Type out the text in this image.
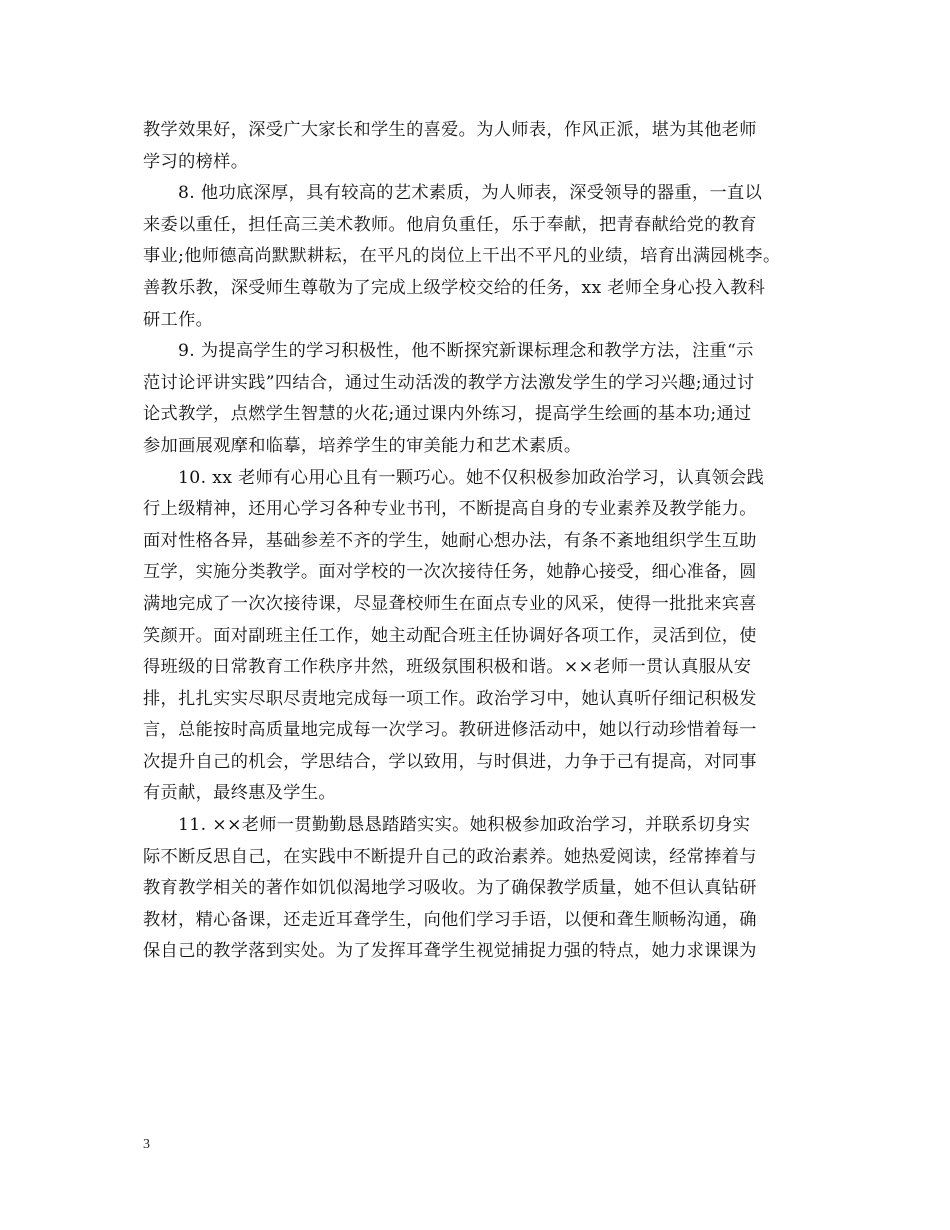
教学效果好，深受广大家长和学生的喜爱。为人师表，作风正派，堪为其他老师
学习的榜样。
8. 他功底深厚，具有较高的艺术素质，为人师表，深受领导的器重，一直以
来委以重任，担任高三美术教师。他肩负重任，乐于奉献，把青春献给党的教育
事业;他师德高尚默默耕耘，在平凡的岗位上干出不平凡的业绩，培育出满园桃李。
善教乐教，深受师生尊敬为了完成上级学校交给的任务，xx 老师全身心投入教科
研工作。
9. 为提高学生的学习积极性，他不断探究新课标理念和教学方法，注重“示
范讨论评讲实践”四结合，通过生动活泼的教学方法激发学生的学习兴趣;通过讨
论式教学，点燃学生智慧的火花;通过课内外练习，提高学生绘画的基本功;通过
参加画展观摩和临摹，培养学生的审美能力和艺术素质。
10. xx 老师有心用心且有一颗巧心。她不仅积极参加政治学习，认真领会践
行上级精神，还用心学习各种专业书刊，不断提高自身的专业素养及教学能力。
面对性格各异，基础参差不齐的学生，她耐心想办法，有条不紊地组织学生互助
互学，实施分类教学。面对学校的一次次接待任务，她静心接受，细心准备，圆
满地完成了一次次接待课，尽显聋校师生在面点专业的风采，使得一批批来宾喜
笑颜开。面对副班主任工作，她主动配合班主任协调好各项工作，灵活到位，使
得班级的日常教育工作秩序井然，班级氛围积极和谐。××老师一贯认真服从安
排，扎扎实实尽职尽责地完成每一项工作。政治学习中，她认真听仔细记积极发
言，总能按时高质量地完成每一次学习。教研进修活动中，她以行动珍惜着每一
次提升自己的机会，学思结合，学以致用，与时俱进，力争于己有提高，对同事
有贡献，最终惠及学生。
11. ××老师一贯勤勤恳恳踏踏实实。她积极参加政治学习，并联系切身实
际不断反思自己，在实践中不断提升自己的政治素养。她热爱阅读，经常捧着与
教育教学相关的著作如饥似渴地学习吸收。为了确保教学质量，她不但认真钻研
教材，精心备课，还走近耳聋学生，向他们学习手语，以便和聋生顺畅沟通，确
保自己的教学落到实处。为了发挥耳聋学生视觉捕捉力强的特点，她力求课课为
3
